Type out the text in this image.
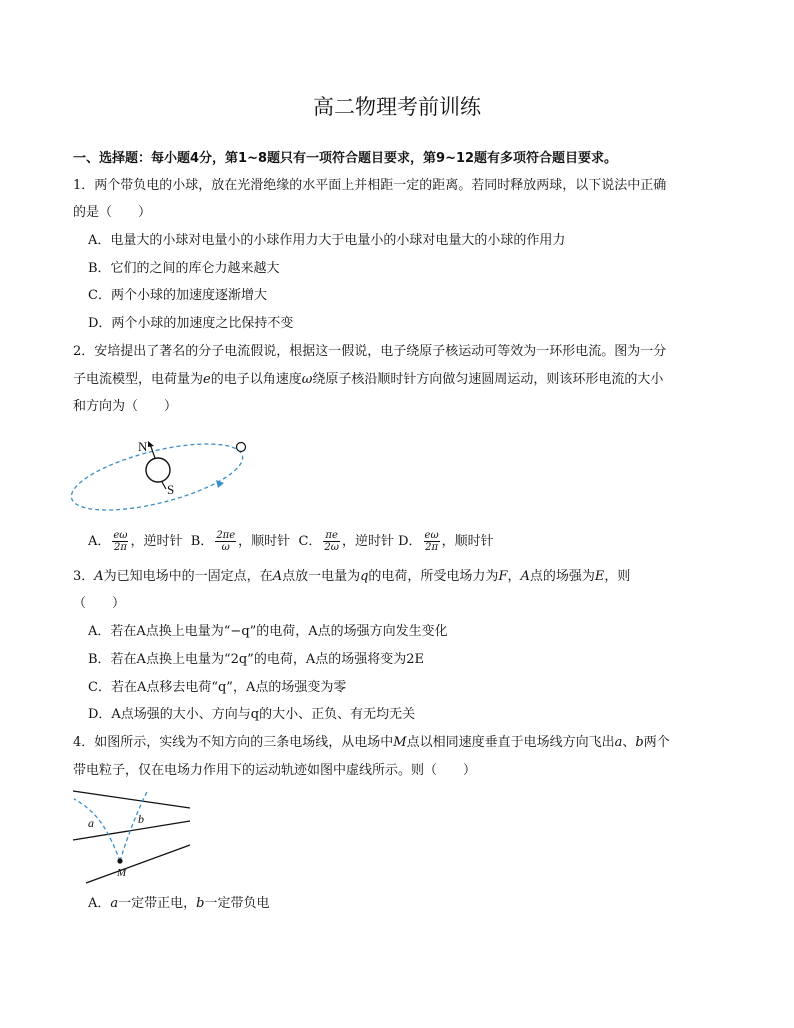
高二物理考前训练
一、选择题：每小题4分，第1~8题只有一项符合题目要求，第9~12题有多项符合题目要求。
1．两个带负电的小球，放在光滑绝缘的水平面上并相距一定的距离。若同时释放两球，以下说法中正确
的是（　　）
A．电量大的小球对电量小的小球作用力大于电量小的小球对电量大的小球的作用力
B．它们的之间的库仑力越来越大
C．两个小球的加速度逐渐增大
D．两个小球的加速度之比保持不变
2．安培提出了著名的分子电流假说，根据这一假说，电子绕原子核运动可等效为一环形电流。图为一分
子电流模型，电荷量为e的电子以角速度ω绕原子核沿顺时针方向做匀速圆周运动，则该环形电流的大小
和方向为（　　）
N
S
A． $\frac{e\omega}{2\pi}$ ，逆时针 B． $\frac{2\pi e}{\omega}$ ，顺时针 C． $\frac{\pi e}{2\omega}$ ，逆时针 D． $\frac{e\omega}{2\pi}$ ，顺时针
3．A为已知电场中的一固定点，在A点放一电量为q的电荷，所受电场力为F，A点的场强为E，则
（　　）
A．若在A点换上电量为“−q”的电荷，A点的场强方向发生变化
B．若在A点换上电量为“2q”的电荷，A点的场强将变为2E
C．若在A点移去电荷“q”，A点的场强变为零
D．A点场强的大小、方向与q的大小、正负、有无均无关
4．如图所示，实线为不知方向的三条电场线，从电场中M点以相同速度垂直于电场线方向飞出a、b两个
带电粒子，仅在电场力作用下的运动轨迹如图中虚线所示。则（　　）
a	b
M
A．a一定带正电，b一定带负电
